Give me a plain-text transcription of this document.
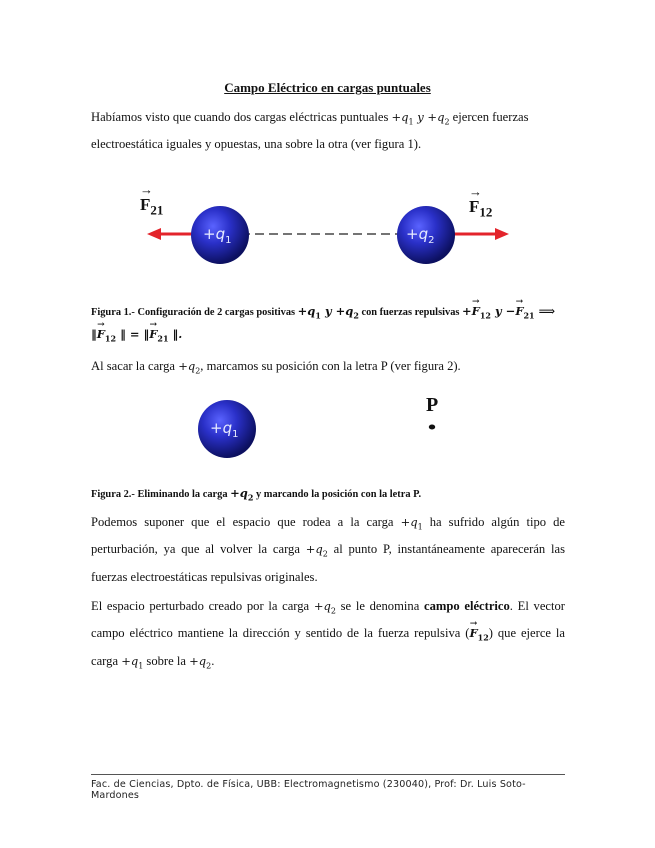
Campo Eléctrico en cargas puntuales
Habíamos visto que cuando dos cargas eléctricas puntuales $+q_1$ $y +q_2$ ejercen fuerzas electroestática iguales y opuestas, una sobre la otra (ver figura 1).
$+q_1$	$+q_2$
→
$F_{21}$
→
$F_{12}$
Figura 1.- Configuración de 2 cargas positivas $+q_1$ $y +q_2$ con fuerzas repulsivas +→ $F_{12}$ $y -\to F_{21}$ ⟹
‖→ $F_{12}$ ‖ = ‖→ $F_{21}$ ‖.
Al sacar la carga $+q_2$, marcamos su posición con la letra P (ver figura 2).
$+q_1$
P
Figura 2.- Eliminando la carga $+q_2$ y marcando la posición con la letra P.
Podemos suponer que el espacio que rodea a la carga $+q_1$ ha sufrido algún tipo de perturbación, ya que al volver la carga $+q_2$ al punto P, instantáneamente aparecerán las fuerzas electroestáticas repulsivas originales.
El espacio perturbado creado por la carga $+q_2$ se le denomina campo eléctrico. El vector campo eléctrico mantiene la dirección y sentido de la fuerza repulsiva (→ $F_{12}$) que ejerce la carga $+q_1$ sobre la $+q_2$.
Fac. de Ciencias, Dpto. de Física, UBB: Electromagnetismo (230040), Prof: Dr. Luis Soto-Mardones
